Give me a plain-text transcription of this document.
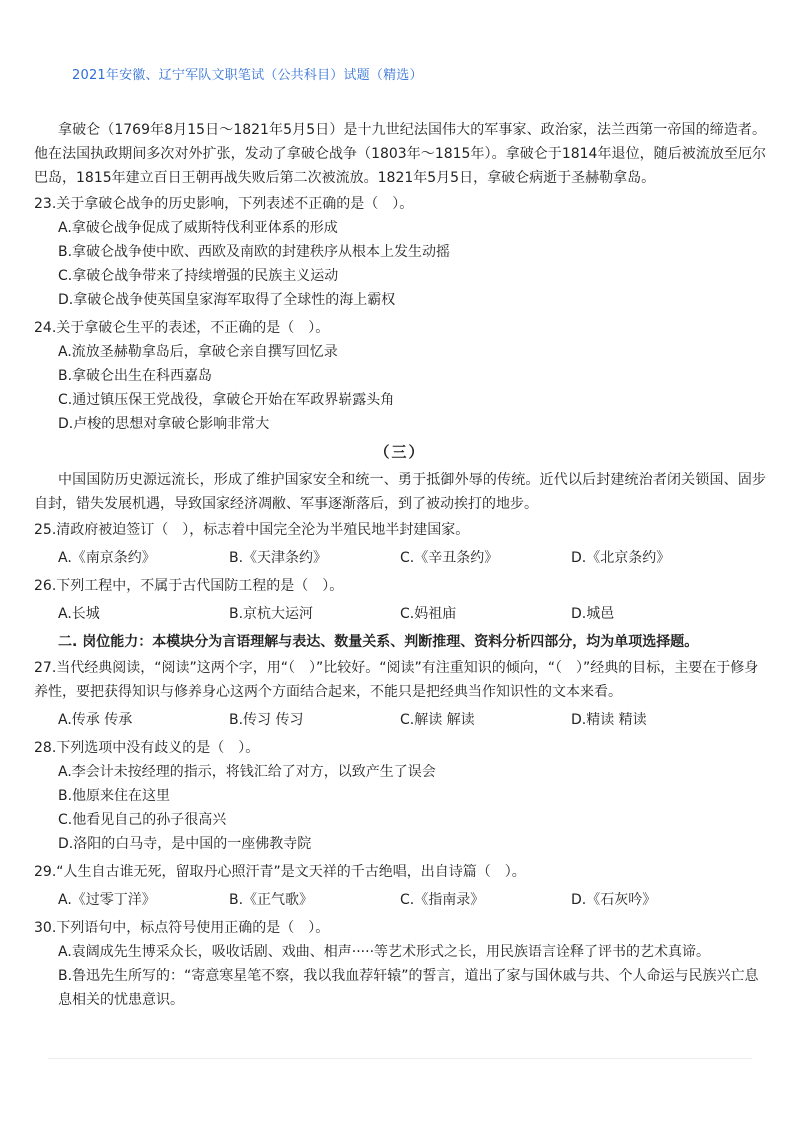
2021年安徽、辽宁军队文职笔试（公共科目）试题（精选）

拿破仑（1769年8月15日～1821年5月5日）是十九世纪法国伟大的军事家、政治家，法兰西第一帝国的缔造者。他在法国执政期间多次对外扩张，发动了拿破仑战争（1803年～1815年）。拿破仑于1814年退位，随后被流放至厄尔巴岛，1815年建立百日王朝再战失败后第二次被流放。1821年5月5日，拿破仑病逝于圣赫勒拿岛。

23.关于拿破仑战争的历史影响，下列表述不正确的是（　）。

A.拿破仑战争促成了威斯特伐利亚体系的形成
B.拿破仑战争使中欧、西欧及南欧的封建秩序从根本上发生动摇
C.拿破仑战争带来了持续增强的民族主义运动
D.拿破仑战争使英国皇家海军取得了全球性的海上霸权

24.关于拿破仑生平的表述，不正确的是（　）。

A.流放圣赫勒拿岛后，拿破仑亲自撰写回忆录
B.拿破仑出生在科西嘉岛
C.通过镇压保王党战役，拿破仑开始在军政界崭露头角
D.卢梭的思想对拿破仑影响非常大
（三）

中国国防历史源远流长，形成了维护国家安全和统一、勇于抵御外辱的传统。近代以后封建统治者闭关锁国、固步自封，错失发展机遇，导致国家经济凋敝、军事逐渐落后，到了被动挨打的地步。

25.清政府被迫签订（　），标志着中国完全沦为半殖民地半封建国家。

A.《南京条约》	B.《天津条约》	C.《辛丑条约》	D.《北京条约》

26.下列工程中，不属于古代国防工程的是（　）。

A.长城	B.京杭大运河	C.妈祖庙	D.城邑
二. 岗位能力：本模块分为言语理解与表达、数量关系、判断推理、资料分析四部分，均为单项选择题。

27.当代经典阅读，“阅读”这两个字，用“（　）”比较好。“阅读”有注重知识的倾向，“（　）”经典的目标，主要在于修身养性，要把获得知识与修养身心这两个方面结合起来，不能只是把经典当作知识性的文本来看。

A.传承 传承	B.传习 传习	C.解读 解读	D.精读 精读

28.下列选项中没有歧义的是（　）。

A.李会计未按经理的指示，将钱汇给了对方，以致产生了误会
B.他原来住在这里
C.他看见自己的孙子很高兴
D.洛阳的白马寺，是中国的一座佛教寺院

29.“人生自古谁无死，留取丹心照汗青”是文天祥的千古绝唱，出自诗篇（　）。

A.《过零丁洋》	B.《正气歌》	C.《指南录》	D.《石灰吟》

30.下列语句中，标点符号使用正确的是（　）。

A.袁阔成先生博采众长，吸收话剧、戏曲、相声·····等艺术形式之长，用民族语言诠释了评书的艺术真谛。
B.鲁迅先生所写的：“寄意寒星笔不察，我以我血荐轩辕”的誓言，道出了家与国休戚与共、个人命运与民族兴亡息息相关的忧患意识。
